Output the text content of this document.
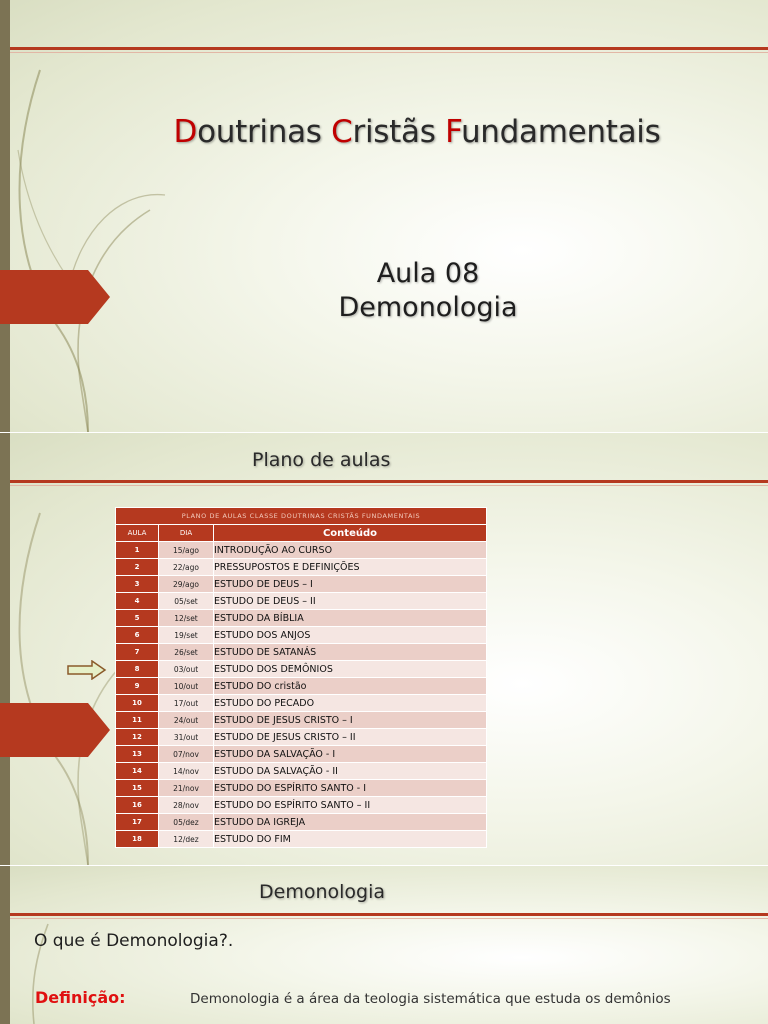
Doutrinas Cristãs Fundamentais
Aula 08
Demonologia
Plano de aulas
PLANO DE AULAS CLASSE DOUTRINAS CRISTÃS FUNDAMENTAIS		
AULA	DIA	Conteúdo
1	15/ago	INTRODUÇÃO AO CURSO
2	22/ago	PRESSUPOSTOS E DEFINIÇÕES
3	29/ago	ESTUDO DE DEUS – I
4	05/set	ESTUDO DE DEUS – II
5	12/set	ESTUDO DA BÍBLIA
6	19/set	ESTUDO DOS ANJOS
7	26/set	ESTUDO DE SATANÁS
8	03/out	ESTUDO DOS DEMÔNIOS
9	10/out	ESTUDO DO cristão
10	17/out	ESTUDO DO PECADO
11	24/out	ESTUDO DE JESUS CRISTO – I
12	31/out	ESTUDO DE JESUS CRISTO – II
13	07/nov	ESTUDO DA SALVAÇÃO - I
14	14/nov	ESTUDO DA SALVAÇÃO - II
15	21/nov	ESTUDO DO ESPÍRITO SANTO - I
16	28/nov	ESTUDO DO ESPÍRITO SANTO – II
17	05/dez	ESTUDO DA IGREJA
18	12/dez	ESTUDO DO FIM
Demonologia
O que é Demonologia?.
Definição:	Demonologia é a área da teologia sistemática que estuda os demônios
